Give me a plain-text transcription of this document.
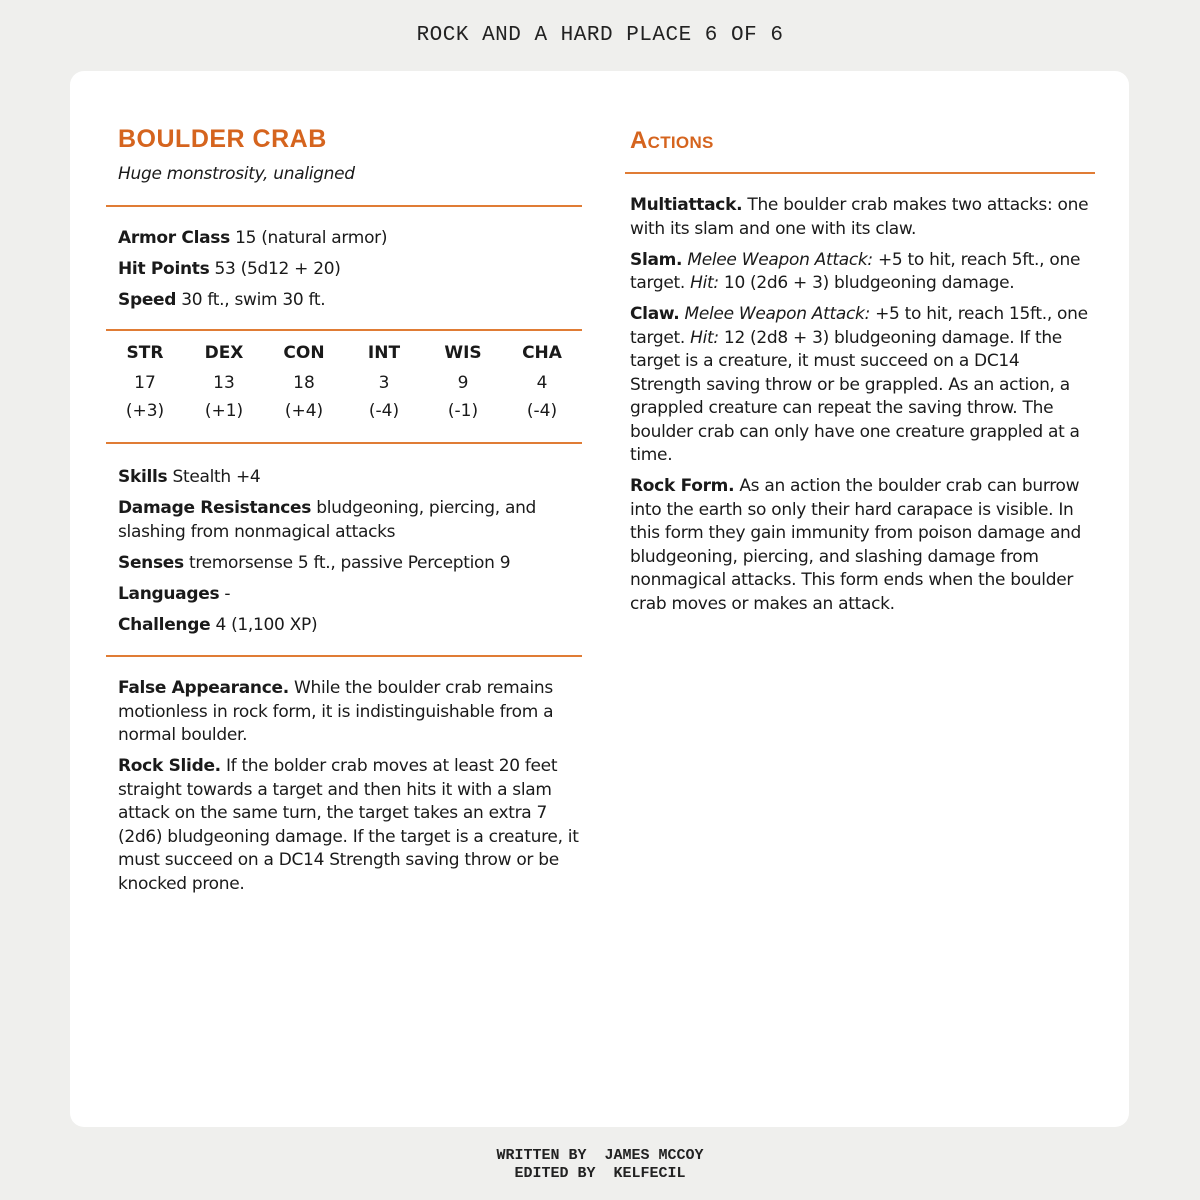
ROCK AND A HARD PLACE 6 OF 6
BOULDER CRAB
Huge monstrosity, unaligned
Armor Class 15 (natural armor)
Hit Points 53 (5d12 + 20)
Speed 30 ft., swim 30 ft.
STR
17
(+3)
DEX
13
(+1)
CON
18
(+4)
INT
3
(-4)
WIS
9
(-1)
CHA
4
(-4)
Skills Stealth +4
Damage Resistances bludgeoning, piercing, and slashing from nonmagical attacks
Senses tremorsense 5 ft., passive Perception 9
Languages -
Challenge 4 (1,100 XP)
False Appearance. While the boulder crab remains motionless in rock form, it is indistinguishable from a normal boulder.
Rock Slide. If the bolder crab moves at least 20 feet straight towards a target and then hits it with a slam attack on the same turn, the target takes an extra 7 (2d6) bludgeoning damage. If the target is a creature, it must succeed on a DC14 Strength saving throw or be knocked prone.
Actions
Multiattack. The boulder crab makes two attacks: one with its slam and one with its claw.
Slam. Melee Weapon Attack: +5 to hit, reach 5ft., one target. Hit: 10 (2d6 + 3) bludgeoning damage.
Claw. Melee Weapon Attack: +5 to hit, reach 15ft., one target. Hit: 12 (2d8 + 3) bludgeoning damage. If the target is a creature, it must succeed on a DC14 Strength saving throw or be grappled. As an action, a grappled creature can repeat the saving throw. The boulder crab can only have one creature grappled at a time.
Rock Form. As an action the boulder crab can burrow into the earth so only their hard carapace is visible. In this form they gain immunity from poison damage and bludgeoning, piercing, and slashing damage from nonmagical attacks. This form ends when the boulder crab moves or makes an attack.
WRITTEN BY  JAMES MCCOY
EDITED BY  KELFECIL
